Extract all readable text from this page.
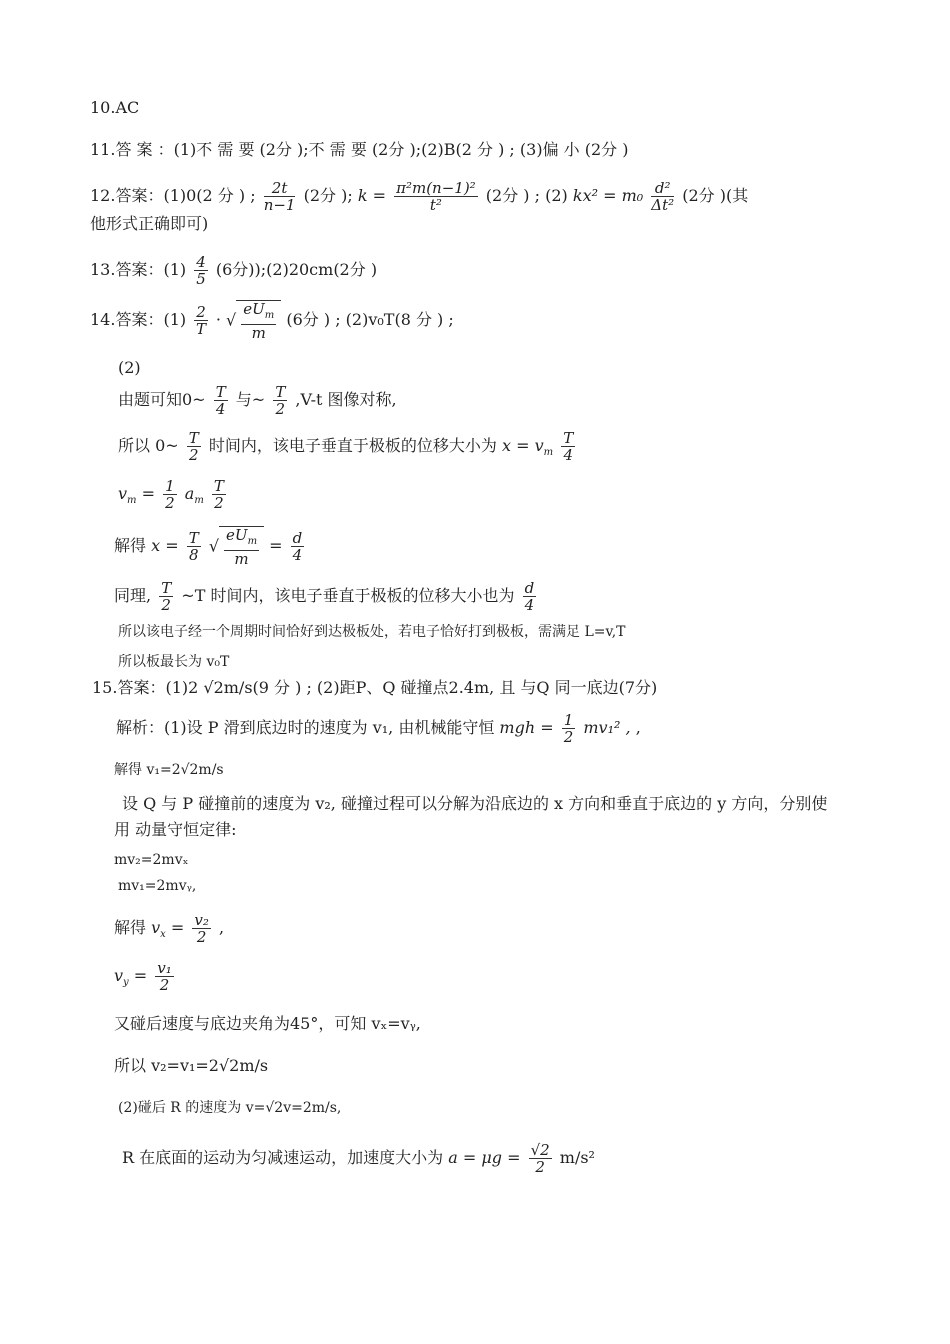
10.AC
11.答 案 ：(1)不 需 要 (2分 );不 需 要 (2分 );(2)B(2 分 ) ; (3)偏 小 (2分 )
12.答案：(1)0(2 分 ) ; $\frac{2t}{n-1} (2$分 ); $k = \frac{\text{π²m(n−1)²}}{\text{t²}} (2$分 ) ; (2) $kx^2 = m_0 \frac{\text{d²}}{\text{Δt²}} (2$分 )(其
他形式正确即可)
13.答案：$(1) \frac{4}{5} (6$分));(2)20cm(2分 )
14.答案：$(1) \frac{2}{T}$ · √ $\frac{eU_m}{m} (6$分 ) ; (2)v₀T(8 分 ) ;
(2)
由题可知0~ $\frac{T}{4}$ 与~ $\frac{T}{2} ,V-t$ 图像对称,
所以 0~ $\frac{T}{2}$ 时间内，该电子垂直于极板的位移大小为 $x = v_m \frac{T}{4}$
$v_m = \frac{1}{2} a_m \frac{T}{2}$
解得 $x = \frac{T}{8}$ √ $\frac{eU_m}{m} = \frac{d}{4}$
同理, $\frac{T}{2}$ ~T 时间内，该电子垂直于极板的位移大小也为 $\frac{d}{4}$
所以该电子经一个周期时间恰好到达极板处，若电子恰好打到极板，需满足 L=v,T
所以板最长为 v₀T
15.答案：(1)2 √2m/s(9 分 ) ; (2)距P、Q 碰撞点2.4m, 且 与Q 同一底边(7分)
解析：(1)设 P 滑到底边时的速度为 v₁, 由机械能守恒 mgh = $\frac{1}{2} mv_1^2$ , ,
解得 v₁=2√2m/s
设 Q 与 P 碰撞前的速度为 v₂, 碰撞过程可以分解为沿底边的 x 方向和垂直于底边的 y 方向，分别使
用 动量守恒定律:
mv₂=2mvₓ
mv₁=2mvᵧ,
解得 $v_x = \frac{\text{v₂}}{2}$ ,
$v_y = \frac{\text{v₁}}{2}$
又碰后速度与底边夹角为45°，可知 vₓ=vᵧ,
所以 v₂=v₁=2√2m/s
(2)碰后 R 的速度为 v=√2v=2m/s,
R 在底面的运动为匀减速运动，加速度大小为 $a = \mu g = \frac{√2}{2} m/s^2$
